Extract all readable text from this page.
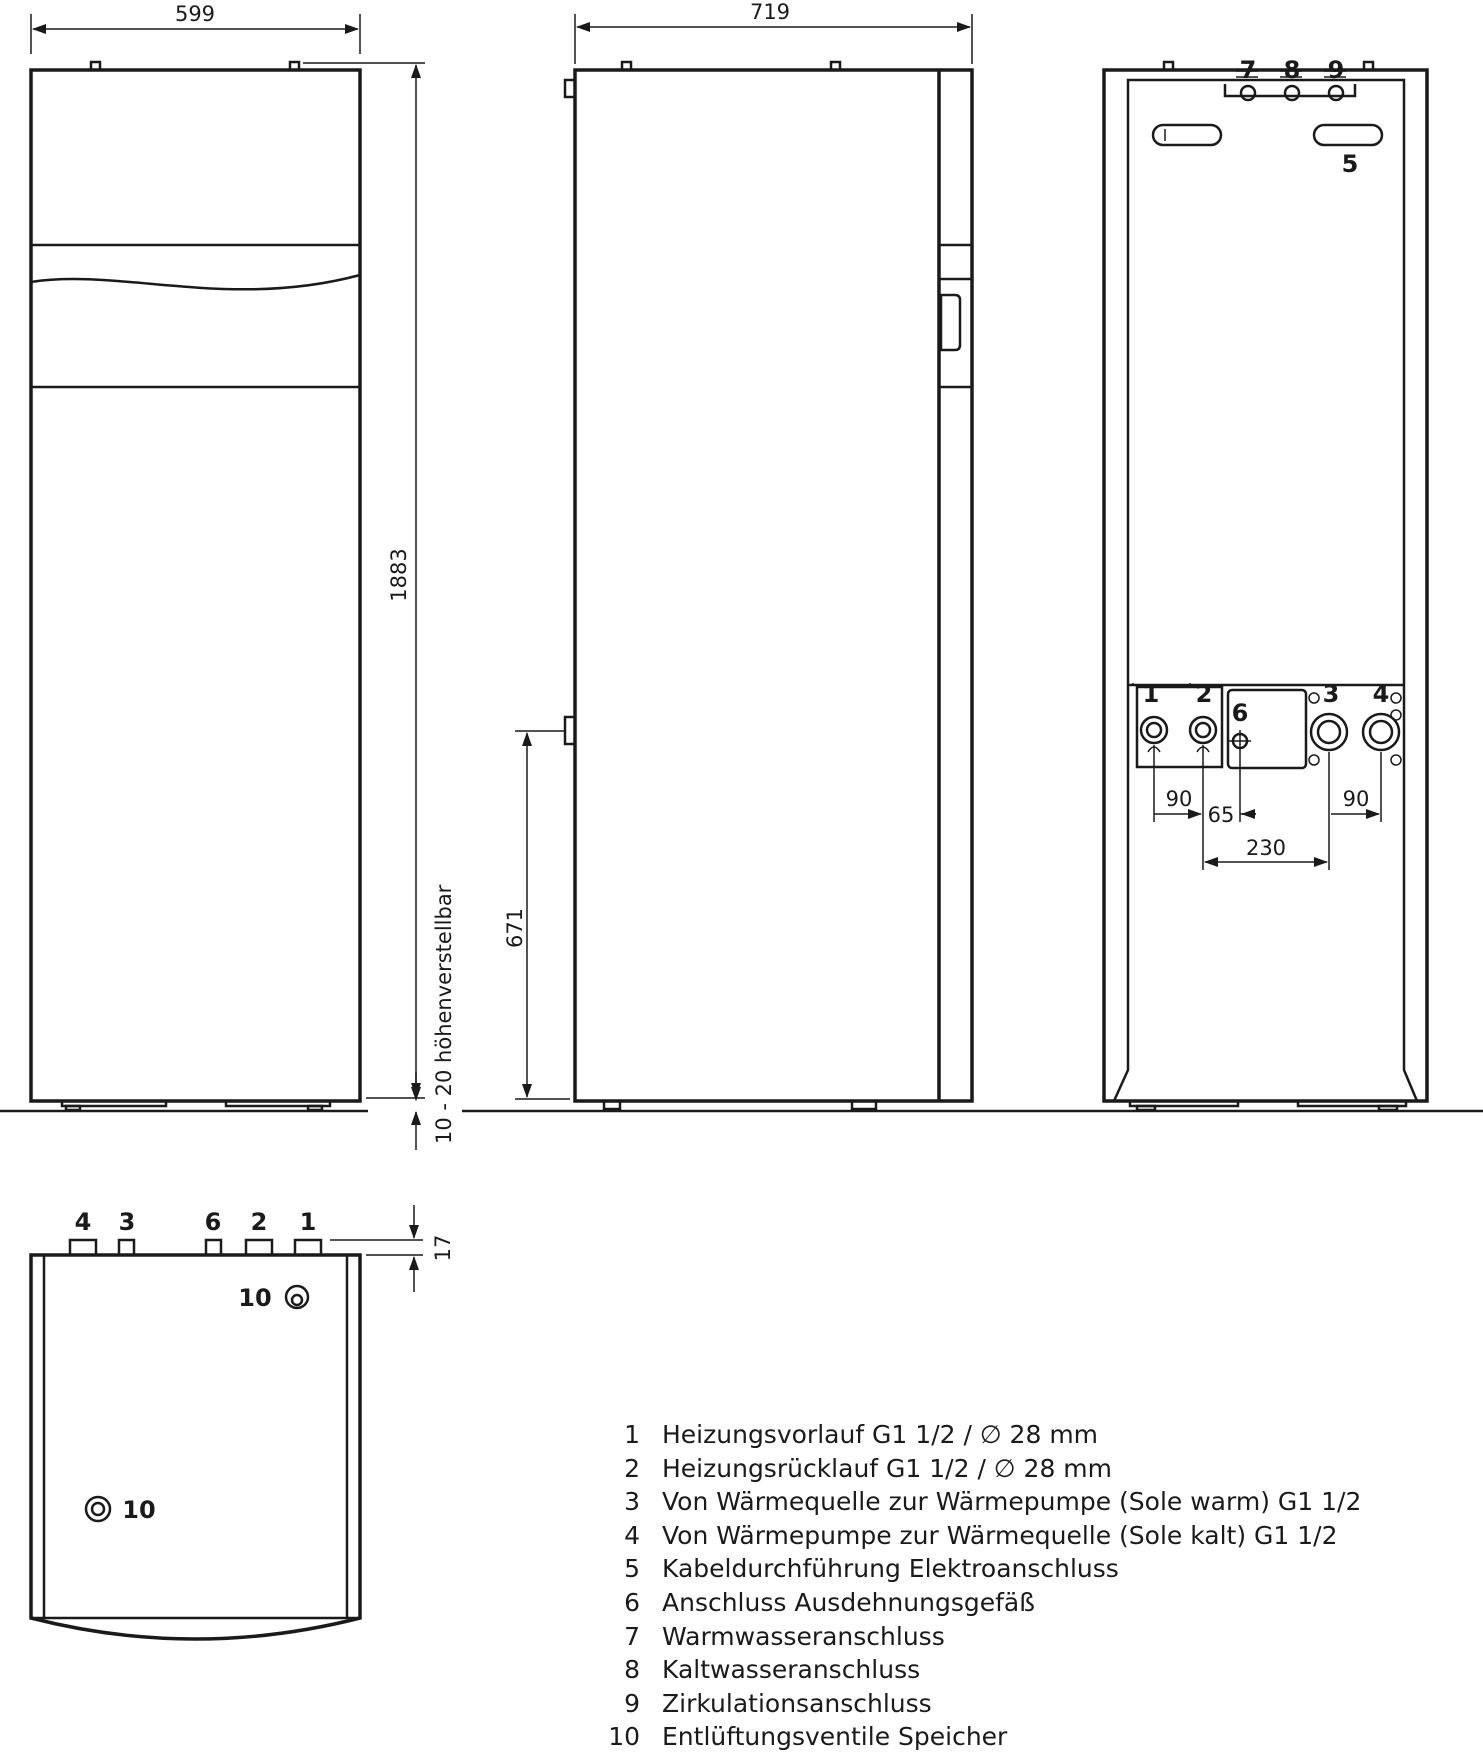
599
1883
10 - 20 höhenverstellbar
719
671
90
65
90
230
7 8 9
5
1 2
6
3 4
17
4 3	6 2 1
10
10
1 Heizungsvorlauf G1 1/2 / ∅ 28 mm
2 Heizungsrücklauf G1 1/2 / ∅ 28 mm
3 Von Wärmequelle zur Wärmepumpe (Sole warm) G1 1/2
4 Von Wärmepumpe zur Wärmequelle (Sole kalt) G1 1/2
5 Kabeldurchführung Elektroanschluss
6 Anschluss Ausdehnungsgefäß
7 Warmwasseranschluss
8 Kaltwasseranschluss
9 Zirkulationsanschluss
10 Entlüftungsventile Speicher
